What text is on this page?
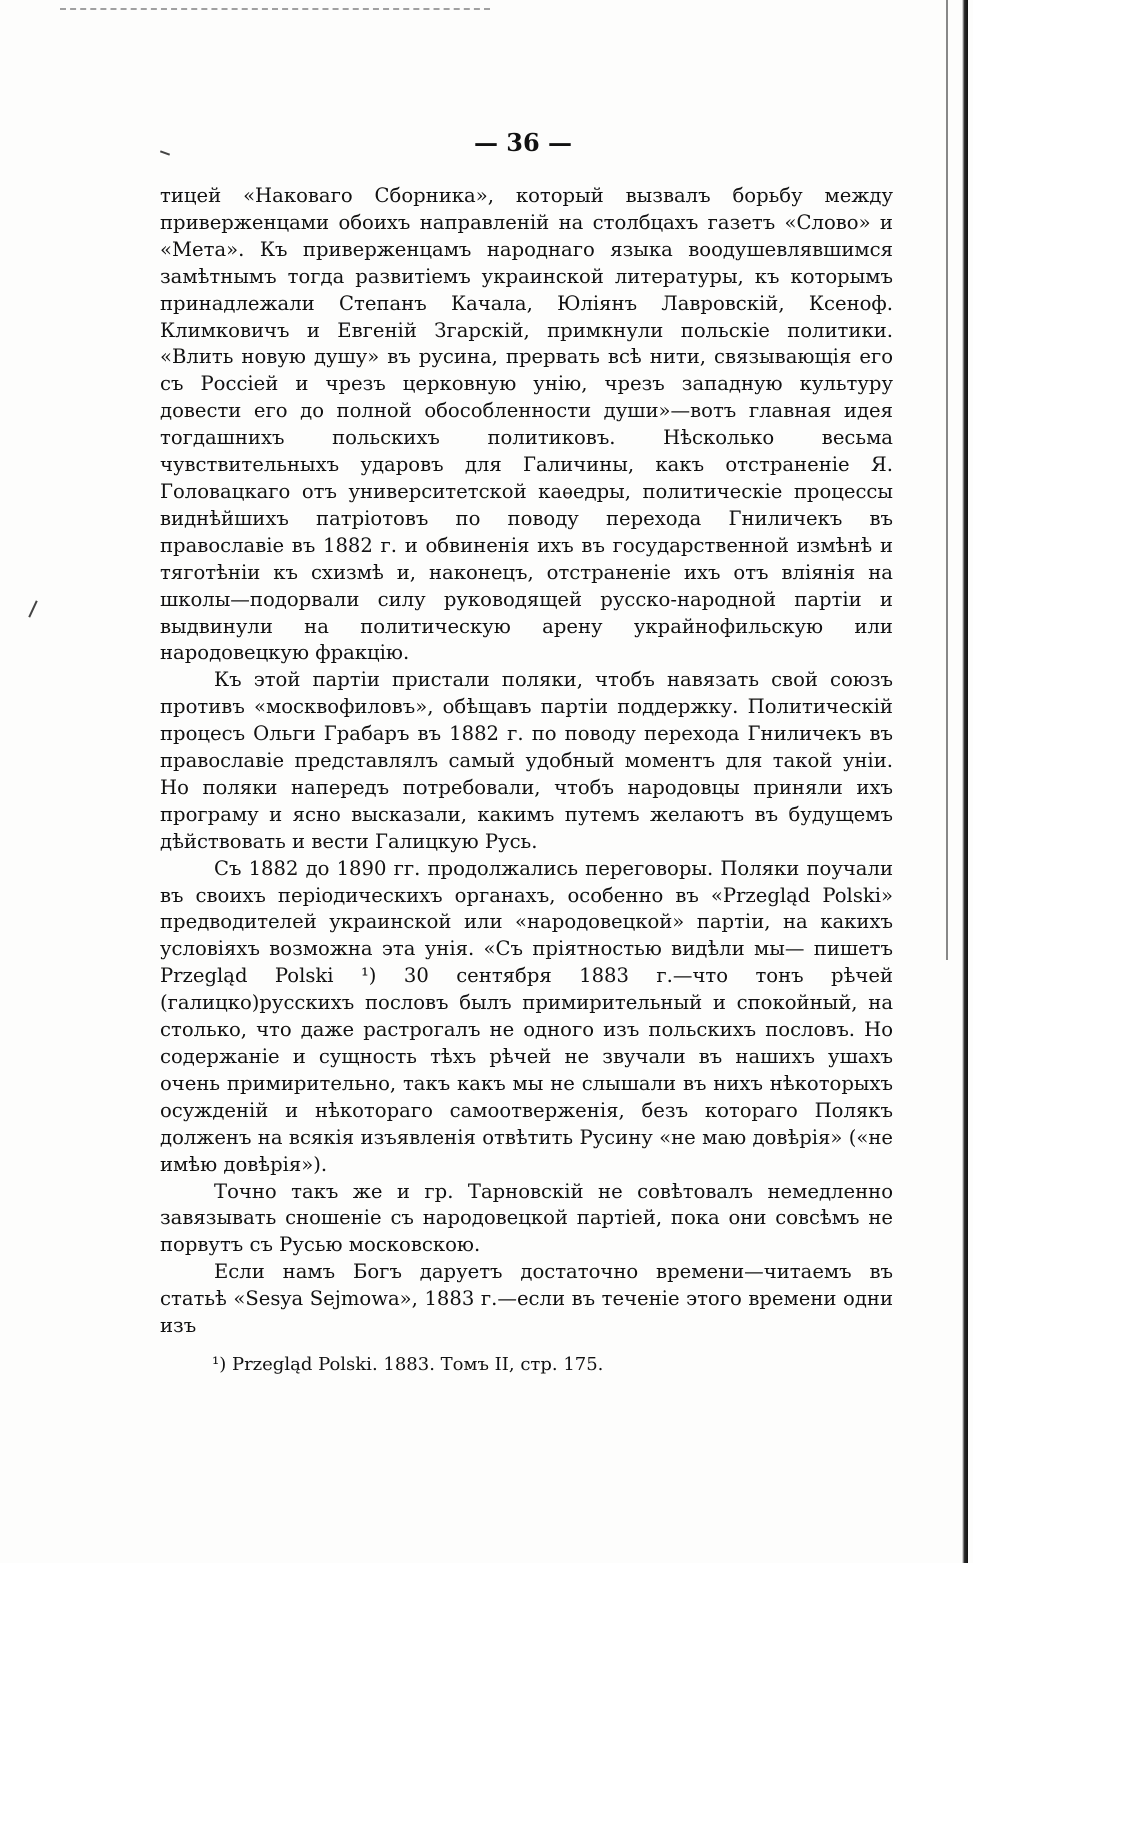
— 36 —

тицей «Наковаго Сборника», который вызвалъ борьбу между приверженцами обоихъ направленій на столбцахъ газетъ «Слово» и «Мета». Къ приверженцамъ народнаго языка воодушевлявшимся замѣтнымъ тогда развитіемъ украинской литературы, къ которымъ принадлежали Степанъ Качала, Юліянъ Лавровскій, Ксеноф. Климковичъ и Евгеній Згарскій, примкнули польскіе политики. «Влить новую душу» въ русина, прервать всѣ нити, связывающія его съ Россіей и чрезъ церковную унію, чрезъ западную культуру довести его до полной обособленности души»—вотъ главная идея тогдашнихъ польскихъ политиковъ. Нѣсколько весьма чувствительныхъ ударовъ для Галичины, какъ отстраненіе Я. Головацкаго отъ университетской каѳедры, политическіе процессы виднѣйшихъ патріотовъ по поводу перехода Гниличекъ въ православіе въ 1882 г. и обвиненія ихъ въ государственной измѣнѣ и тяготѣніи къ схизмѣ и, наконецъ, отстраненіе ихъ отъ вліянія на школы—подорвали силу руководящей русско-народной партіи и выдвинули на политическую арену украйнофильскую или народовецкую фракцію.

Къ этой партіи пристали поляки, чтобъ навязать свой союзъ противъ «москвофиловъ», обѣщавъ партіи поддержку. Политическій процесъ Ольги Грабаръ въ 1882 г. по поводу перехода Гниличекъ въ православіе представлялъ самый удобный моментъ для такой уніи. Но поляки напередъ потребовали, чтобъ народовцы приняли ихъ програму и ясно высказали, какимъ путемъ желаютъ въ будущемъ дѣйствовать и вести Галицкую Русь.

Съ 1882 до 1890 гг. продолжались переговоры. Поляки поучали въ своихъ періодическихъ органахъ, особенно въ «Przegląd Polski» предводителей украинской или «народовецкой» партіи, на какихъ условіяхъ возможна эта унія. «Съ пріятностью видѣли мы— пишетъ Przegląd Polski ¹) 30 сентября 1883 г.—что тонъ рѣчей (галицко)русскихъ пословъ былъ примирительный и спокойный, на столько, что даже растрогалъ не одного изъ польскихъ пословъ. Но содержаніе и сущность тѣхъ рѣчей не звучали въ нашихъ ушахъ очень примирительно, такъ какъ мы не слышали въ нихъ нѣкоторыхъ осужденій и нѣкотораго самоотверженія, безъ котораго Полякъ долженъ на всякія изъявленія отвѣтить Русину «не маю довѣрія» («не имѣю довѣрія»).

Точно такъ же и гр. Тарновскій не совѣтовалъ немедленно завязывать сношеніе съ народовецкой партіей, пока они совсѣмъ не порвутъ съ Русью московскою.

Если намъ Богъ даруетъ достаточно времени—читаемъ въ статьѣ «Sesya Sejmowa», 1883 г.—если въ теченіе этого времени одни изъ

¹) Przegląd Polski. 1883. Томъ II, стр. 175.
